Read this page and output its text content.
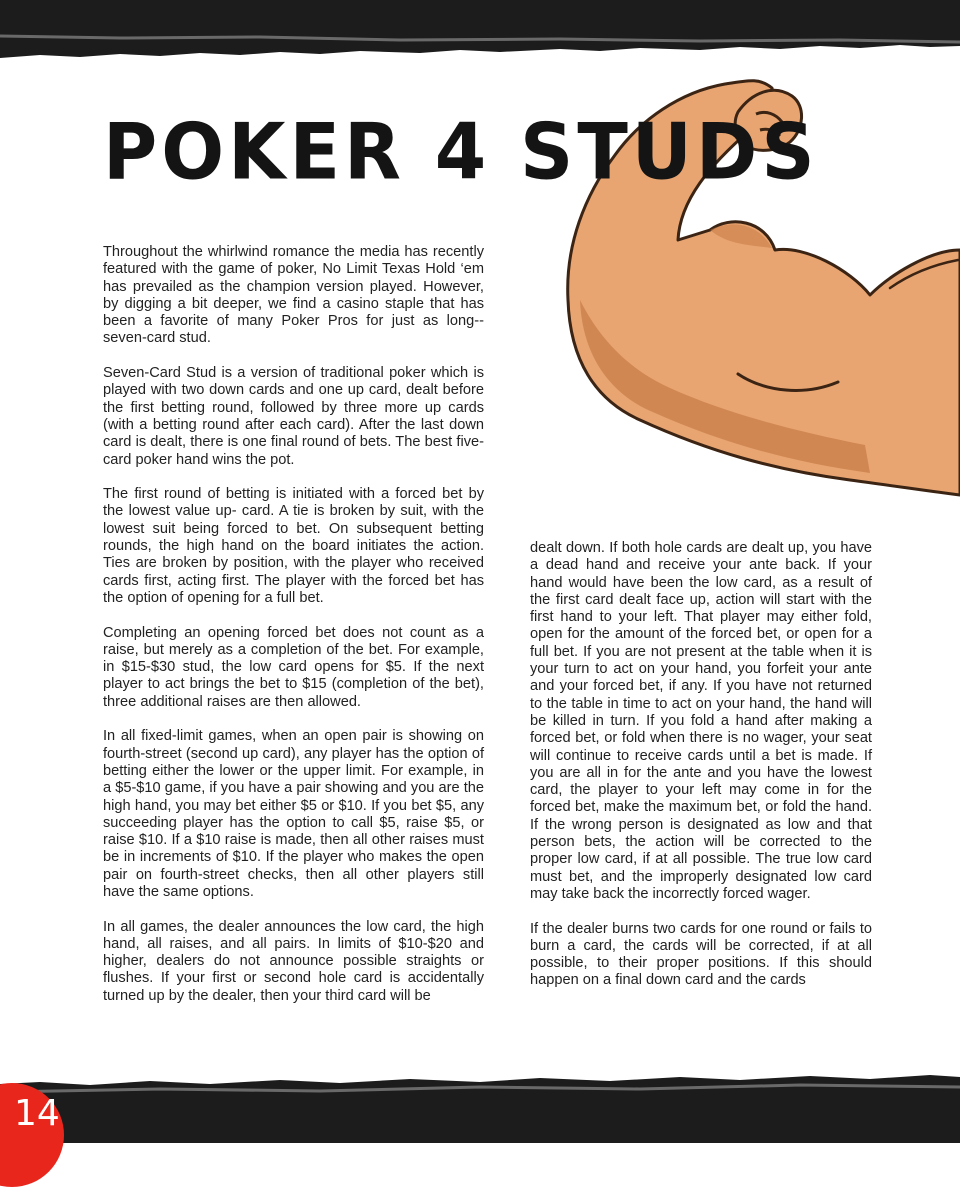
POKER 4 STUDS

Throughout the whirlwind romance the media has recently featured with the game of poker, No Limit Texas Hold ‘em has prevailed as the champion version played. However, by digging a bit deeper, we find a casino staple that has been a favorite of many Poker Pros for just as long-- seven-card stud.

Seven-Card Stud is a version of traditional poker which is played with two down cards and one up card, dealt before the first betting round, followed by three more up cards (with a betting round after each card). After the last down card is dealt, there is one final round of bets. The best five-card poker hand wins the pot.

The first round of betting is initiated with a forced bet by the lowest value up- card. A tie is broken by suit, with the lowest suit being forced to bet. On subsequent betting rounds, the high hand on the board initiates the action. Ties are broken by position, with the player who received cards first, acting first. The player with the forced bet has the option of opening for a full bet.

Completing an opening forced bet does not count as a raise, but merely as a completion of the bet. For example, in $15-$30 stud, the low card opens for $5. If the next player to act brings the bet to $15 (completion of the bet), three additional raises are then allowed.

In all fixed-limit games, when an open pair is showing on fourth-street (second up card), any player has the option of betting either the lower or the upper limit. For example, in a $5-$10 game, if you have a pair showing and you are the high hand, you may bet either $5 or $10. If you bet $5, any succeeding player has the option to call $5, raise $5, or raise $10. If a $10 raise is made, then all other raises must be in increments of $10. If the player who makes the open pair on fourth-street checks, then all other players still have the same options.

In all games, the dealer announces the low card, the high hand, all raises, and all pairs. In limits of $10-$20 and higher, dealers do not announce possible straights or flushes. If your first or second hole card is accidentally turned up by the dealer, then your third card will be

dealt down. If both hole cards are dealt up, you have a dead hand and receive your ante back. If your hand would have been the low card, as a result of the first card dealt face up, action will start with the first hand to your left. That player may either fold, open for the amount of the forced bet, or open for a full bet. If you are not present at the table when it is your turn to act on your hand, you forfeit your ante and your forced bet, if any. If you have not returned to the table in time to act on your hand, the hand will be killed in turn. If you fold a hand after making a forced bet, or fold when there is no wager, your seat will continue to receive cards until a bet is made. If you are all in for the ante and you have the lowest card, the player to your left may come in for the forced bet, make the maximum bet, or fold the hand. If the wrong person is designated as low and that person bets, the action will be corrected to the proper low card, if at all possible. The true low card must bet, and the improperly designated low card may take back the incorrectly forced wager.

If the dealer burns two cards for one round or fails to burn a card, the cards will be corrected, if at all possible, to their proper positions. If this should happen on a final down card and the cards

14
